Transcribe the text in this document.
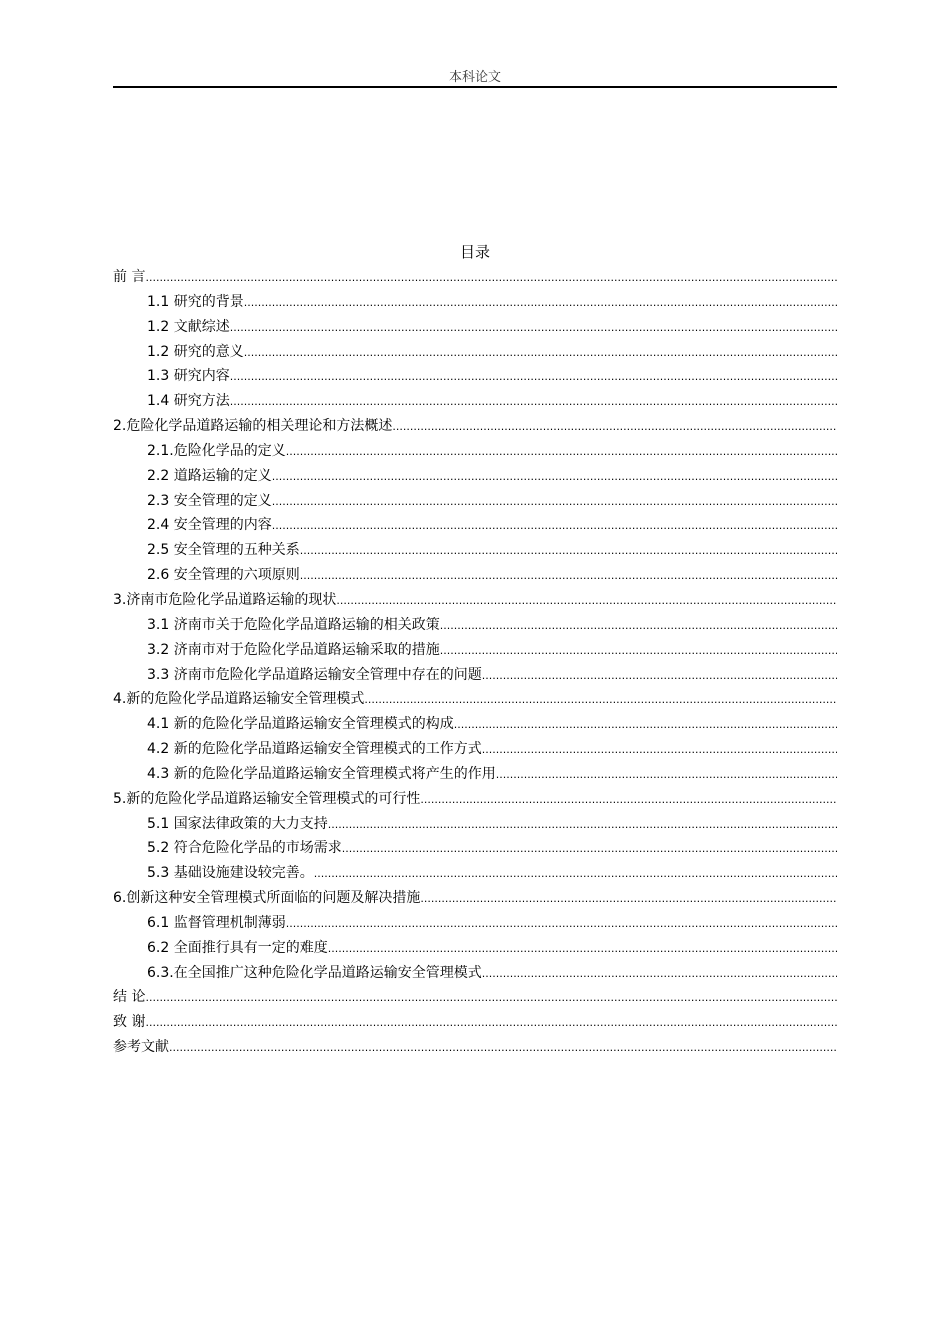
本科论文
目录
前 言
.....
1.1 研究的背景
.....
1.2 文献综述
.....
1.2 研究的意义
.....
1.3 研究内容
.....
1.4 研究方法
.....
2.危险化学品道路运输的相关理论和方法概述
.....
2.1.危险化学品的定义
.....
2.2 道路运输的定义
.....
2.3 安全管理的定义
.....
2.4 安全管理的内容
.....
2.5 安全管理的五种关系
.....
2.6 安全管理的六项原则
.....
3.济南市危险化学品道路运输的现状
.....
3.1 济南市关于危险化学品道路运输的相关政策
.....
3.2 济南市对于危险化学品道路运输采取的措施
.....
3.3 济南市危险化学品道路运输安全管理中存在的问题
.....
4.新的危险化学品道路运输安全管理模式
.....
4.1 新的危险化学品道路运输安全管理模式的构成
.....
4.2 新的危险化学品道路运输安全管理模式的工作方式
.....
4.3 新的危险化学品道路运输安全管理模式将产生的作用
.....
5.新的危险化学品道路运输安全管理模式的可行性
.....
5.1 国家法律政策的大力支持
.....
5.2 符合危险化学品的市场需求
.....
5.3 基础设施建设较完善。
.....
6.创新这种安全管理模式所面临的问题及解决措施
.....
6.1 监督管理机制薄弱
.....
6.2 全面推行具有一定的难度
.....
6.3.在全国推广这种危险化学品道路运输安全管理模式
.....
结 论
.....
致 谢
.....
参考文献
.....
